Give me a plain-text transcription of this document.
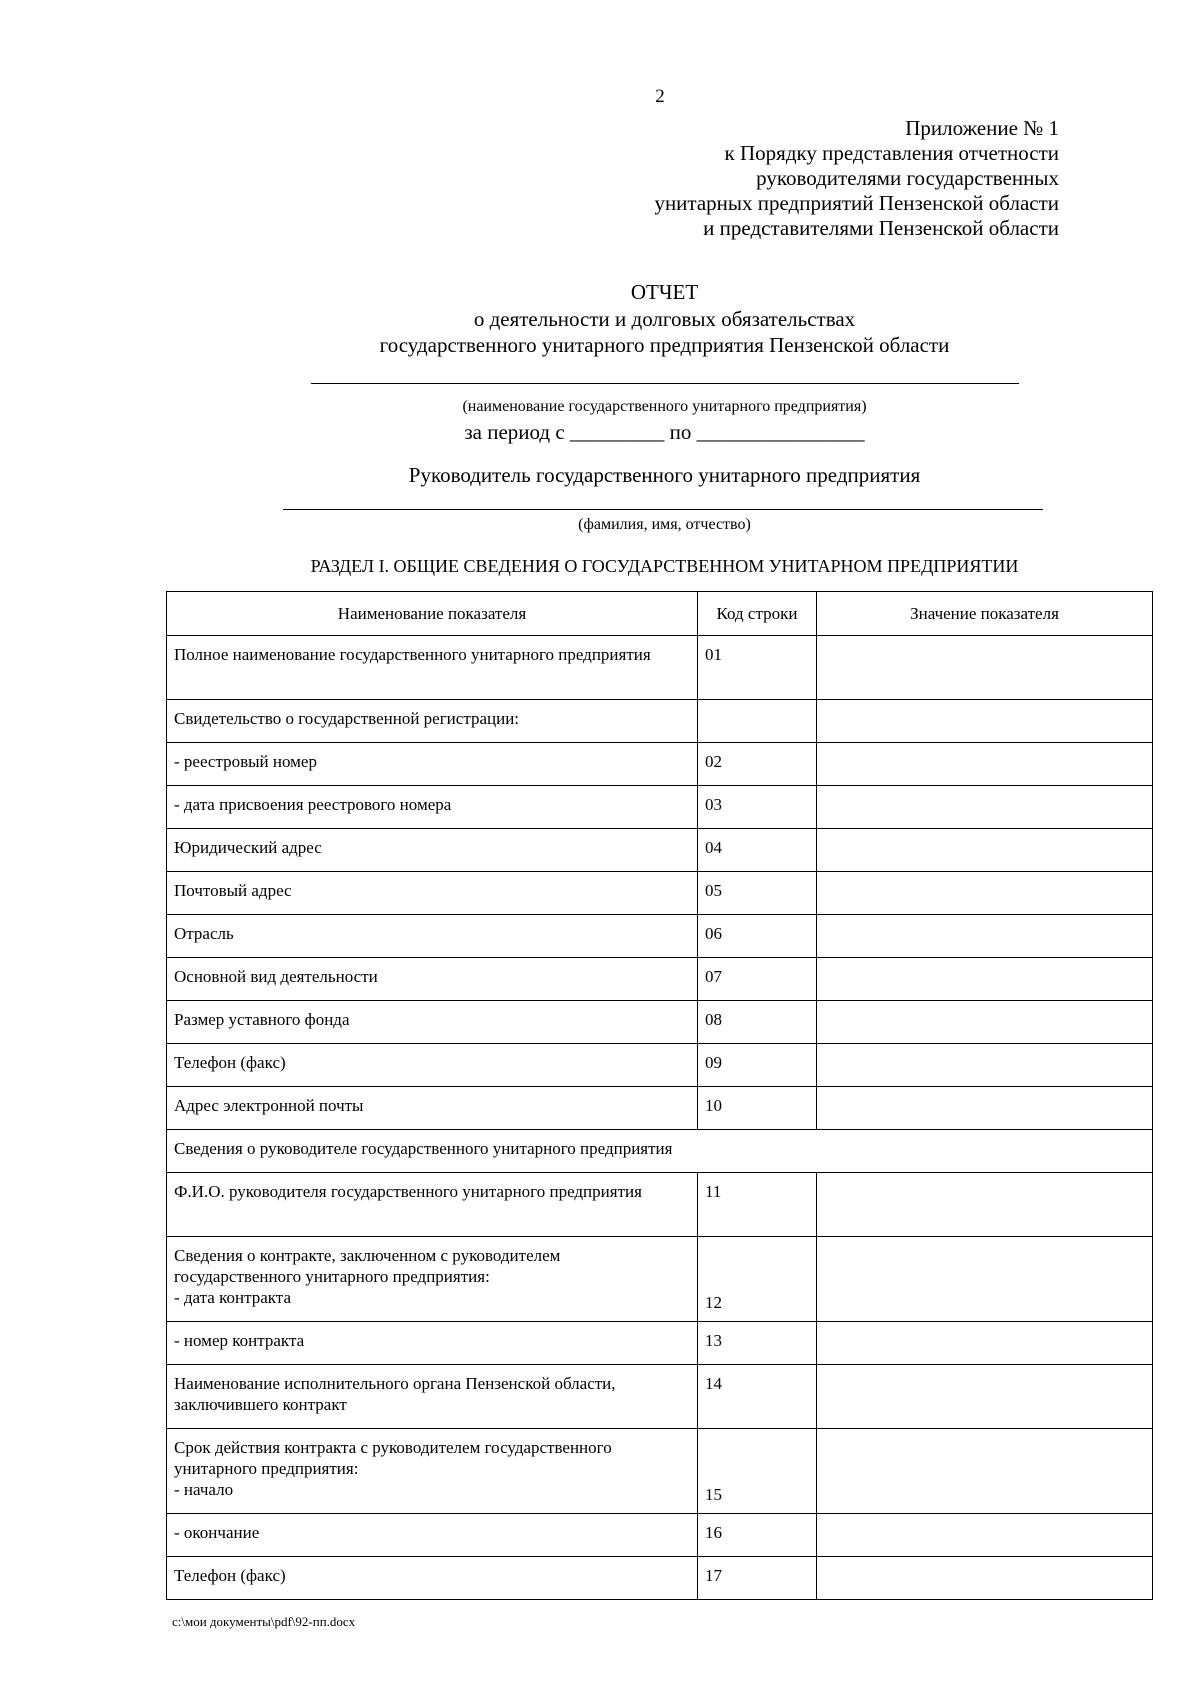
2
Приложение № 1
к Порядку представления отчетности
руководителями государственных
унитарных предприятий Пензенской области
и представителями Пензенской области
ОТЧЕТ
о деятельности и долговых обязательствах
государственного унитарного предприятия Пензенской области
(наименование государственного унитарного предприятия)
за период с _________ по ________________
Руководитель государственного унитарного предприятия
(фамилия, имя, отчество)
РАЗДЕЛ I. ОБЩИЕ СВЕДЕНИЯ О ГОСУДАРСТВЕННОМ УНИТАРНОМ ПРЕДПРИЯТИИ
Наименование показателя	Код строки	Значение показателя
Полное наименование государственного унитарного предприятия	01	
Свидетельство о государственной регистрации:		
- реестровый номер	02	
- дата присвоения реестрового номера	03	
Юридический адрес	04	
Почтовый адрес	05	
Отрасль	06	
Основной вид деятельности	07	
Размер уставного фонда	08	
Телефон (факс)	09	
Адрес электронной почты	10	
Сведения о руководителе государственного унитарного предприятия		
Ф.И.О. руководителя государственного унитарного предприятия	11	
Сведения о контракте, заключенном с руководителем государственного унитарного предприятия:
- дата контракта	12	
- номер контракта	13	
Наименование исполнительного органа Пензенской области, заключившего контракт	14	
Срок действия контракта с руководителем государственного унитарного предприятия:
- начало	15	
- окончание	16	
Телефон (факс)	17	
c:\мои документы\pdf\92-пп.docx
